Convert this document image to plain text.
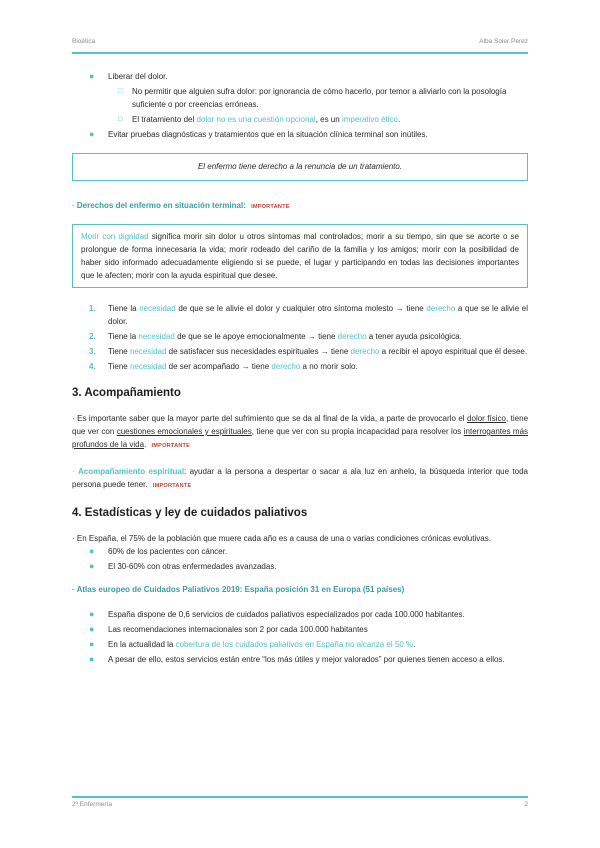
Bioética	Alba Soler Perez
● Liberar del dolor.
□ No permitir que alguien sufra dolor: por ignorancia de cómo hacerlo, por temor a aliviarlo con la posología suficiente o por creencias erróneas.
□ El tratamiento del dolor no es una cuestión opcional, es un imperativo ético.
● Evitar pruebas diagnósticas y tratamientos que en la situación clínica terminal son inútiles.
El enfermo tiene derecho a la renuncia de un tratamiento.
· Derechos del enfermo en situación terminal: IMPORTANTE
Morir con dignidad significa morir sin dolor u otros síntomas mal controlados; morir a su tiempo, sin que se acorte o se prolongue de forma innecesaria la vida; morir rodeado del cariño de la familia y los amigos; morir con la posibilidad de haber sido informado adecuadamente eligiendo si se puede, el lugar y participando en todas las decisiones importantes que le afecten; morir con la ayuda espiritual que desee.
1. Tiene la necesidad de que se le alivie el dolor y cualquier otro síntoma molesto → tiene derecho a que se le alivie el dolor.
2. Tiene la necesidad de que se le apoye emocionalmente → tiene derecho a tener ayuda psicológica.
3. Tiene necesidad de satisfacer sus necesidades espirituales → tiene derecho a recibir el apoyo espiritual que él desee.
4. Tiene necesidad de ser acompañado → tiene derecho a no morir solo.
3. Acompañamiento
· Es importante saber que la mayor parte del sufrimiento que se da al final de la vida, a parte de provocarlo el dolor físico, tiene que ver con cuestiones emocionales y espirituales, tiene que ver con su propia incapacidad para resolver los interrogantes más profundos de la vida. IMPORTANTE
· Acompañamiento espiritual: ayudar a la persona a despertar o sacar a ala luz en anhelo, la búsqueda interior que toda persona puede tener. IMPORTANTE
4. Estadísticas y ley de cuidados paliativos
· En España, el 75% de la población que muere cada año es a causa de una o varias condiciones crónicas evolutivas.
● 60% de los pacientes con cáncer.
● El 30-60% con otras enfermedades avanzadas.
· Atlas europeo de Cuidados Paliativos 2019: España posición 31 en Europa (51 países)
● España dispone de 0,6 servicios de cuidados paliativos especializados por cada 100.000 habitantes.
● Las recomendaciones internacionales son 2 por cada 100.000 habitantes
● En la actualidad la cobertura de los cuidados paliativos en España no alcanza el 50 %.
● A pesar de ello, estos servicios están entre “los más útiles y mejor valorados” por quienes tienen acceso a ellos.
2º Enfermería	2
